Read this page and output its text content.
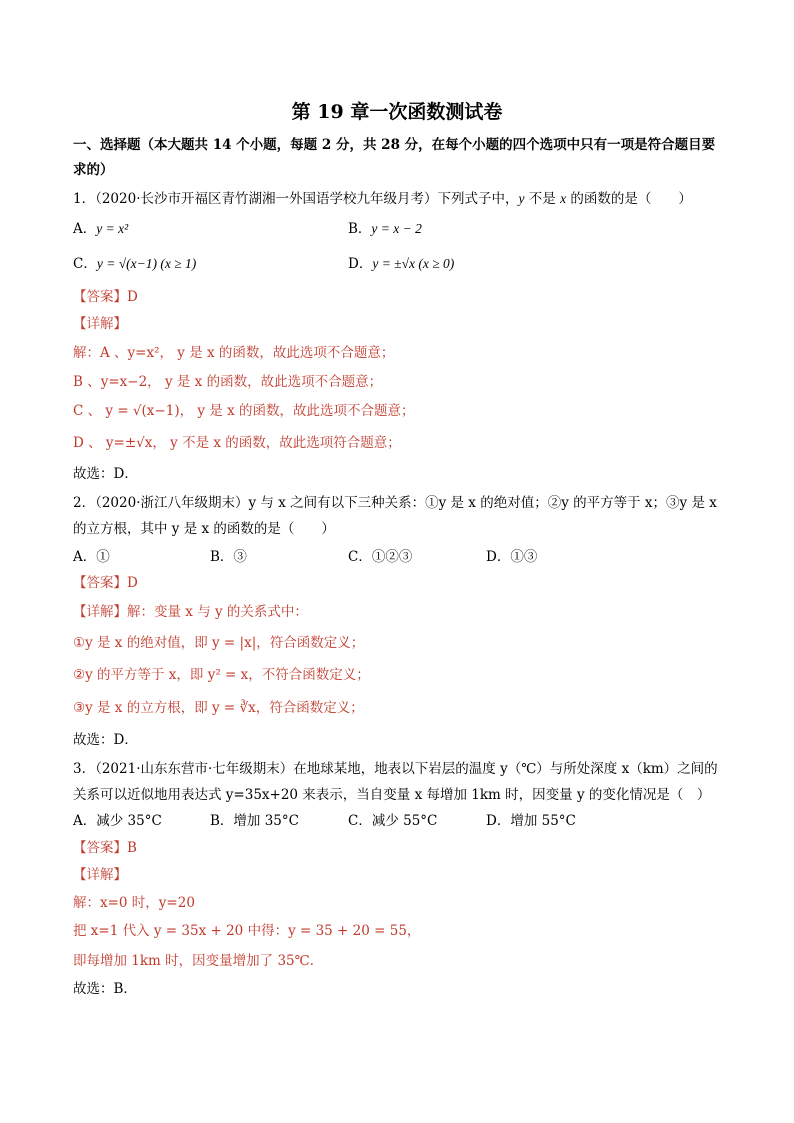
第 19 章一次函数测试卷
一、选择题（本大题共 14 个小题，每题 2 分，共 28 分，在每个小题的四个选项中只有一项是符合题目要
求的）
1．（2020·长沙市开福区青竹湖湘一外国语学校九年级月考）下列式子中，y 不是 x 的函数的是（　　）
A．y = x²	B．y = x − 2
C．y = √(x−1) (x ≥ 1)	D．y = ±√x (x ≥ 0)
【答案】D
【详解】
解：A 、y=x²， y 是 x 的函数，故此选项不合题意；
B 、y=x−2， y 是 x 的函数，故此选项不合题意；
C 、 y = √(x−1)， y 是 x 的函数，故此选项不合题意；
D 、 y=±√x， y 不是 x 的函数，故此选项符合题意；
故选：D．
2．（2020·浙江八年级期末）y 与 x 之间有以下三种关系：①y 是 x 的绝对值；②y 的平方等于 x；③y 是 x
的立方根，其中 y 是 x 的函数的是（　　）
A．①	B．③	C．①②③	D．①③
【答案】D
【详解】解：变量 x 与 y 的关系式中：
①y 是 x 的绝对值，即 y = |x|，符合函数定义；
②y 的平方等于 x，即 y² = x，不符合函数定义；
③y 是 x 的立方根，即 y = ∛x，符合函数定义；
故选：D．
3．（2021·山东东营市·七年级期末）在地球某地，地表以下岩层的温度 y（℃）与所处深度 x（km）之间的
关系可以近似地用表达式 y=35x+20 来表示，当自变量 x 每增加 1km 时，因变量 y 的变化情况是（　）
A．减少 35°C	B．增加 35°C	C．减少 55°C	D．增加 55°C
【答案】B
【详解】
解：x=0 时，y=20
把 x=1 代入 y = 35x + 20 中得：y = 35 + 20 = 55，
即每增加 1km 时，因变量增加了 35℃．
故选：B．
